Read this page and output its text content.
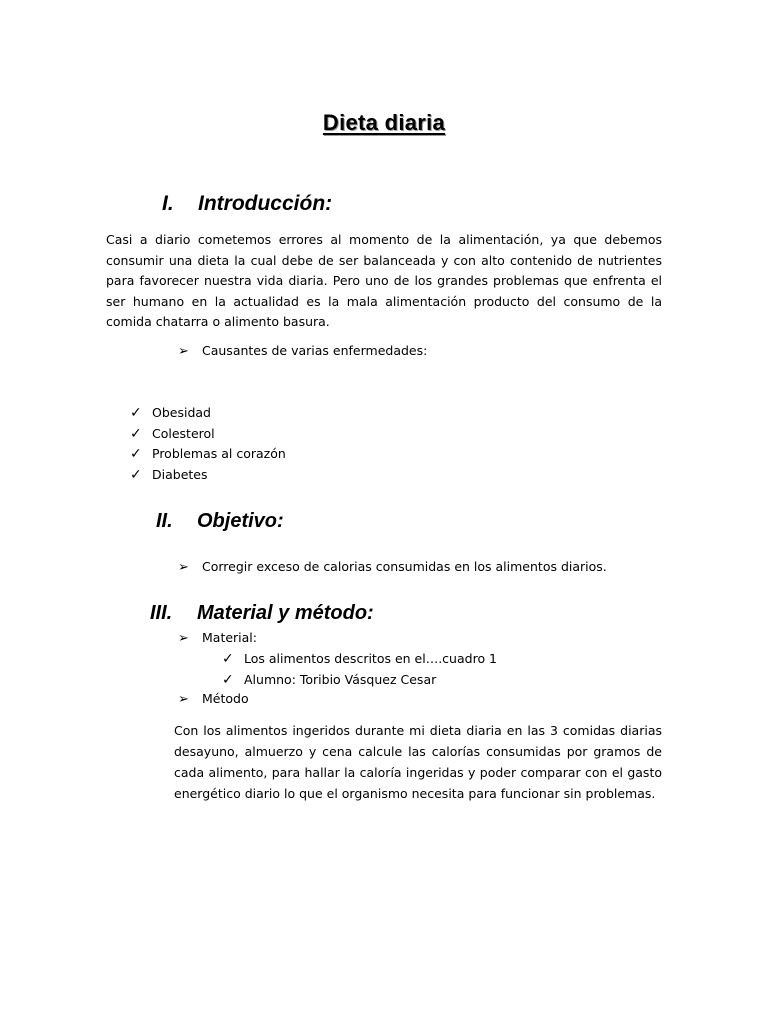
Dieta diaria
I. Introducción:
Casi a diario cometemos errores al momento de la alimentación, ya que debemos consumir una dieta la cual debe de ser balanceada y con alto contenido de nutrientes para favorecer nuestra vida diaria. Pero uno de los grandes problemas que enfrenta el ser humano en la actualidad es la mala alimentación producto del consumo de la comida chatarra o alimento basura.
➢ Causantes de varias enfermedades:
✓ Obesidad
✓ Colesterol
✓ Problemas al corazón
✓ Diabetes
II. Objetivo:
➢ Corregir exceso de calorias consumidas en los alimentos diarios.
III. Material y método:
➢ Material:
✓ Los alimentos descritos en el….cuadro 1
✓ Alumno: Toribio Vásquez Cesar
➢ Método
Con los alimentos ingeridos durante mi dieta diaria en las 3 comidas diarias desayuno, almuerzo y cena calcule las calorías consumidas por gramos de cada alimento, para hallar la caloría ingeridas y poder comparar con el gasto energético diario lo que el organismo necesita para funcionar sin problemas.
